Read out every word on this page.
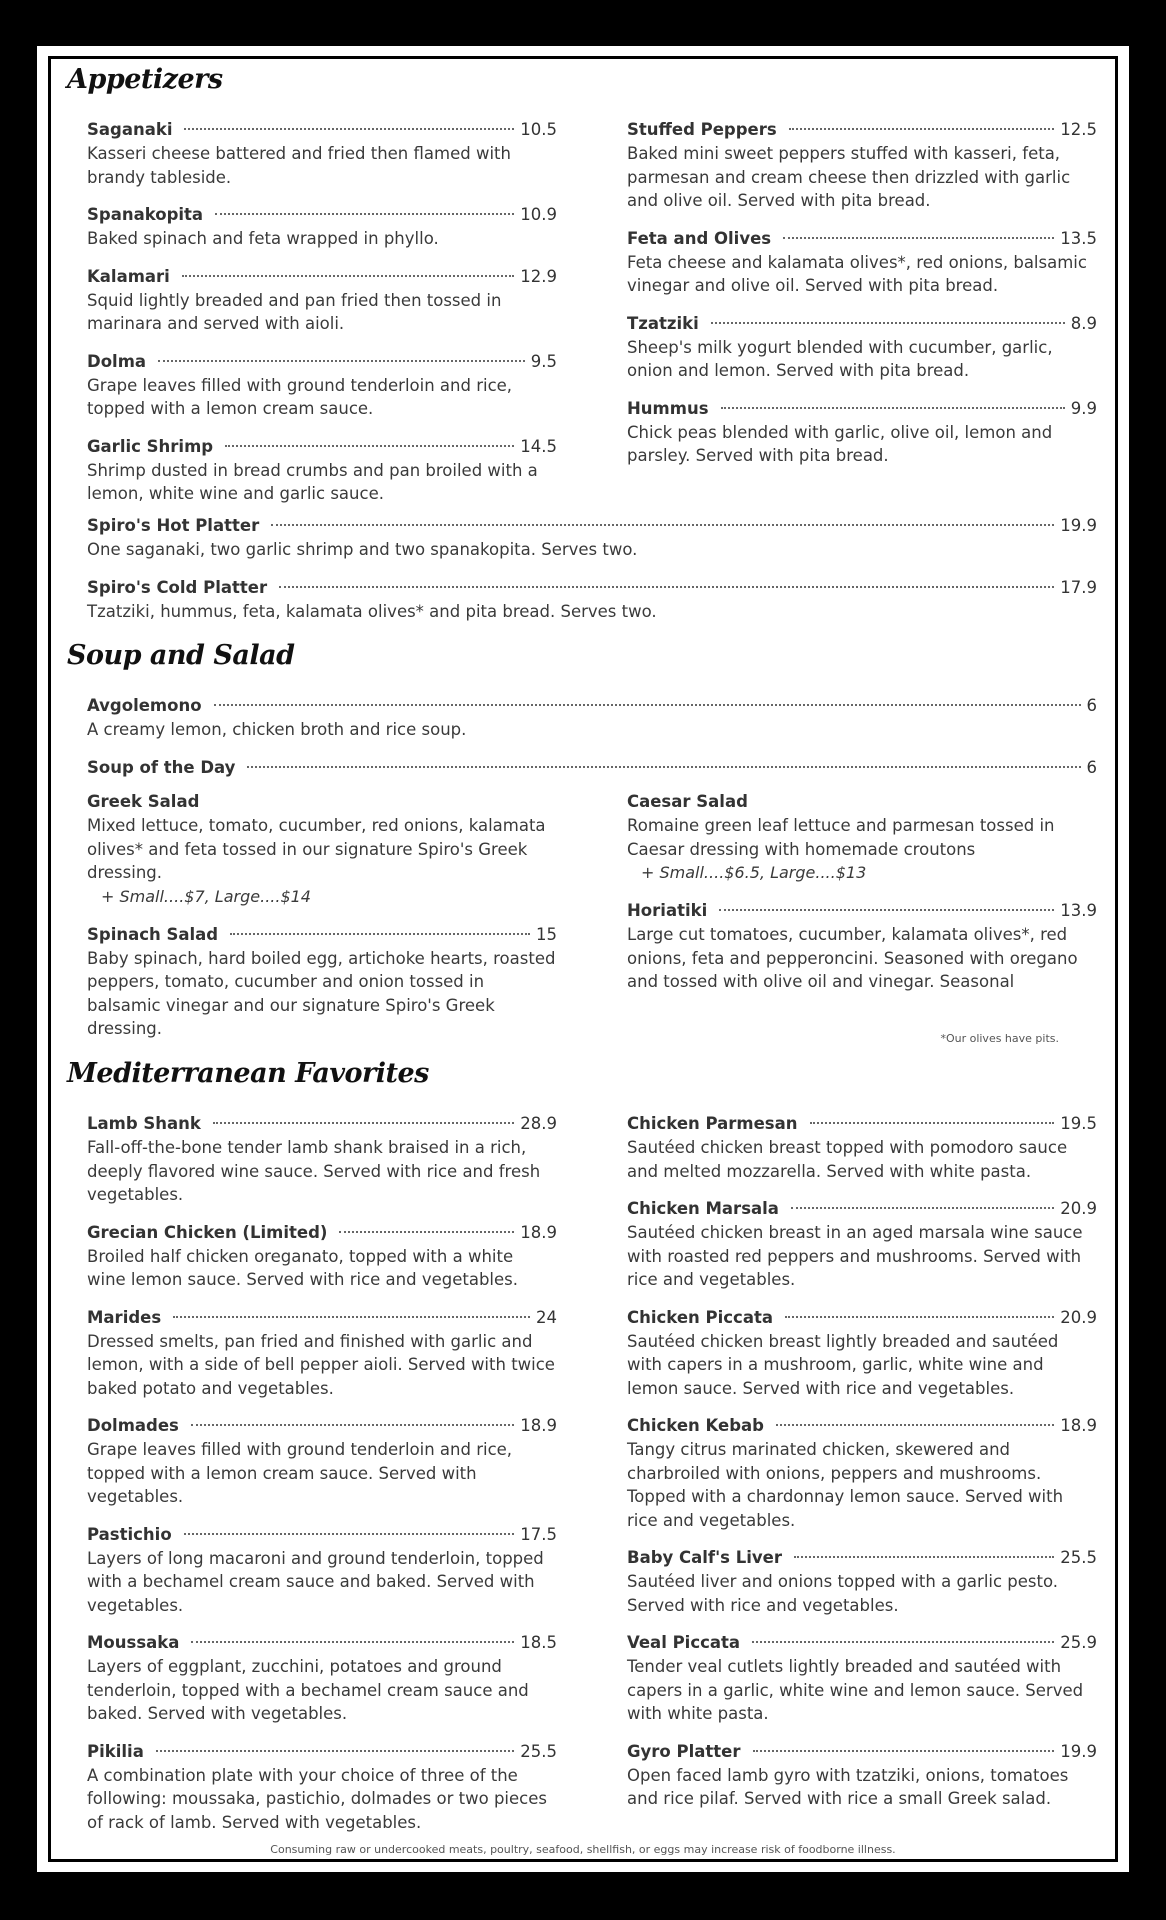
Appetizers
Saganaki	10.5

Kasseri cheese battered and fried then flamed with brandy tableside.

Spanakopita	10.9

Baked spinach and feta wrapped in phyllo.

Kalamari	12.9

Squid lightly breaded and pan fried then tossed in marinara and served with aioli.

Dolma	9.5

Grape leaves filled with ground tenderloin and rice, topped with a lemon cream sauce.

Garlic Shrimp	14.5

Shrimp dusted in bread crumbs and pan broiled with a lemon, white wine and garlic sauce.

Stuffed Peppers	12.5

Baked mini sweet peppers stuffed with kasseri, feta, parmesan and cream cheese then drizzled with garlic and olive oil. Served with pita bread.

Feta and Olives	13.5

Feta cheese and kalamata olives*, red onions, balsamic vinegar and olive oil. Served with pita bread.

Tzatziki	8.9

Sheep's milk yogurt blended with cucumber, garlic, onion and lemon. Served with pita bread.

Hummus	9.9

Chick peas blended with garlic, olive oil, lemon and parsley. Served with pita bread.

Spiro's Hot Platter	19.9

One saganaki, two garlic shrimp and two spanakopita. Serves two.

Spiro's Cold Platter	17.9

Tzatziki, hummus, feta, kalamata olives* and pita bread. Serves two.

Soup and Salad
Avgolemono	6

A creamy lemon, chicken broth and rice soup.

Soup of the Day	6
Greek Salad

Mixed lettuce, tomato, cucumber, red onions, kalamata olives* and feta tossed in our signature Spiro's Greek dressing.

+ Small....$7, Large....$14
Spinach Salad	15

Baby spinach, hard boiled egg, artichoke hearts, roasted peppers, tomato, cucumber and onion tossed in balsamic vinegar and our signature Spiro's Greek dressing.

Caesar Salad

Romaine green leaf lettuce and parmesan tossed in Caesar dressing with homemade croutons

+ Small....$6.5, Large....$13
Horiatiki	13.9

Large cut tomatoes, cucumber, kalamata olives*, red onions, feta and pepperoncini. Seasoned with oregano and tossed with olive oil and vinegar. Seasonal

*Our olives have pits.
Mediterranean Favorites
Lamb Shank	28.9

Fall-off-the-bone tender lamb shank braised in a rich, deeply flavored wine sauce. Served with rice and fresh vegetables.

Grecian Chicken (Limited)	18.9

Broiled half chicken oreganato, topped with a white wine lemon sauce. Served with rice and vegetables.

Marides	24

Dressed smelts, pan fried and finished with garlic and lemon, with a side of bell pepper aioli. Served with twice baked potato and vegetables.

Dolmades	18.9

Grape leaves filled with ground tenderloin and rice, topped with a lemon cream sauce. Served with vegetables.

Pastichio	17.5

Layers of long macaroni and ground tenderloin, topped with a bechamel cream sauce and baked. Served with vegetables.

Moussaka	18.5

Layers of eggplant, zucchini, potatoes and ground tenderloin, topped with a bechamel cream sauce and baked. Served with vegetables.

Pikilia	25.5

A combination plate with your choice of three of the following: moussaka, pastichio, dolmades or two pieces of rack of lamb. Served with vegetables.

Chicken Parmesan	19.5

Sautéed chicken breast topped with pomodoro sauce and melted mozzarella. Served with white pasta.

Chicken Marsala	20.9

Sautéed chicken breast in an aged marsala wine sauce with roasted red peppers and mushrooms. Served with rice and vegetables.

Chicken Piccata	20.9

Sautéed chicken breast lightly breaded and sautéed with capers in a mushroom, garlic, white wine and lemon sauce. Served with rice and vegetables.

Chicken Kebab	18.9

Tangy citrus marinated chicken, skewered and charbroiled with onions, peppers and mushrooms. Topped with a chardonnay lemon sauce. Served with rice and vegetables.

Baby Calf's Liver	25.5

Sautéed liver and onions topped with a garlic pesto. Served with rice and vegetables.

Veal Piccata	25.9

Tender veal cutlets lightly breaded and sautéed with capers in a garlic, white wine and lemon sauce. Served with white pasta.

Gyro Platter	19.9

Open faced lamb gyro with tzatziki, onions, tomatoes and rice pilaf. Served with rice a small Greek salad.

Consuming raw or undercooked meats, poultry, seafood, shellfish, or eggs may increase risk of foodborne illness.
